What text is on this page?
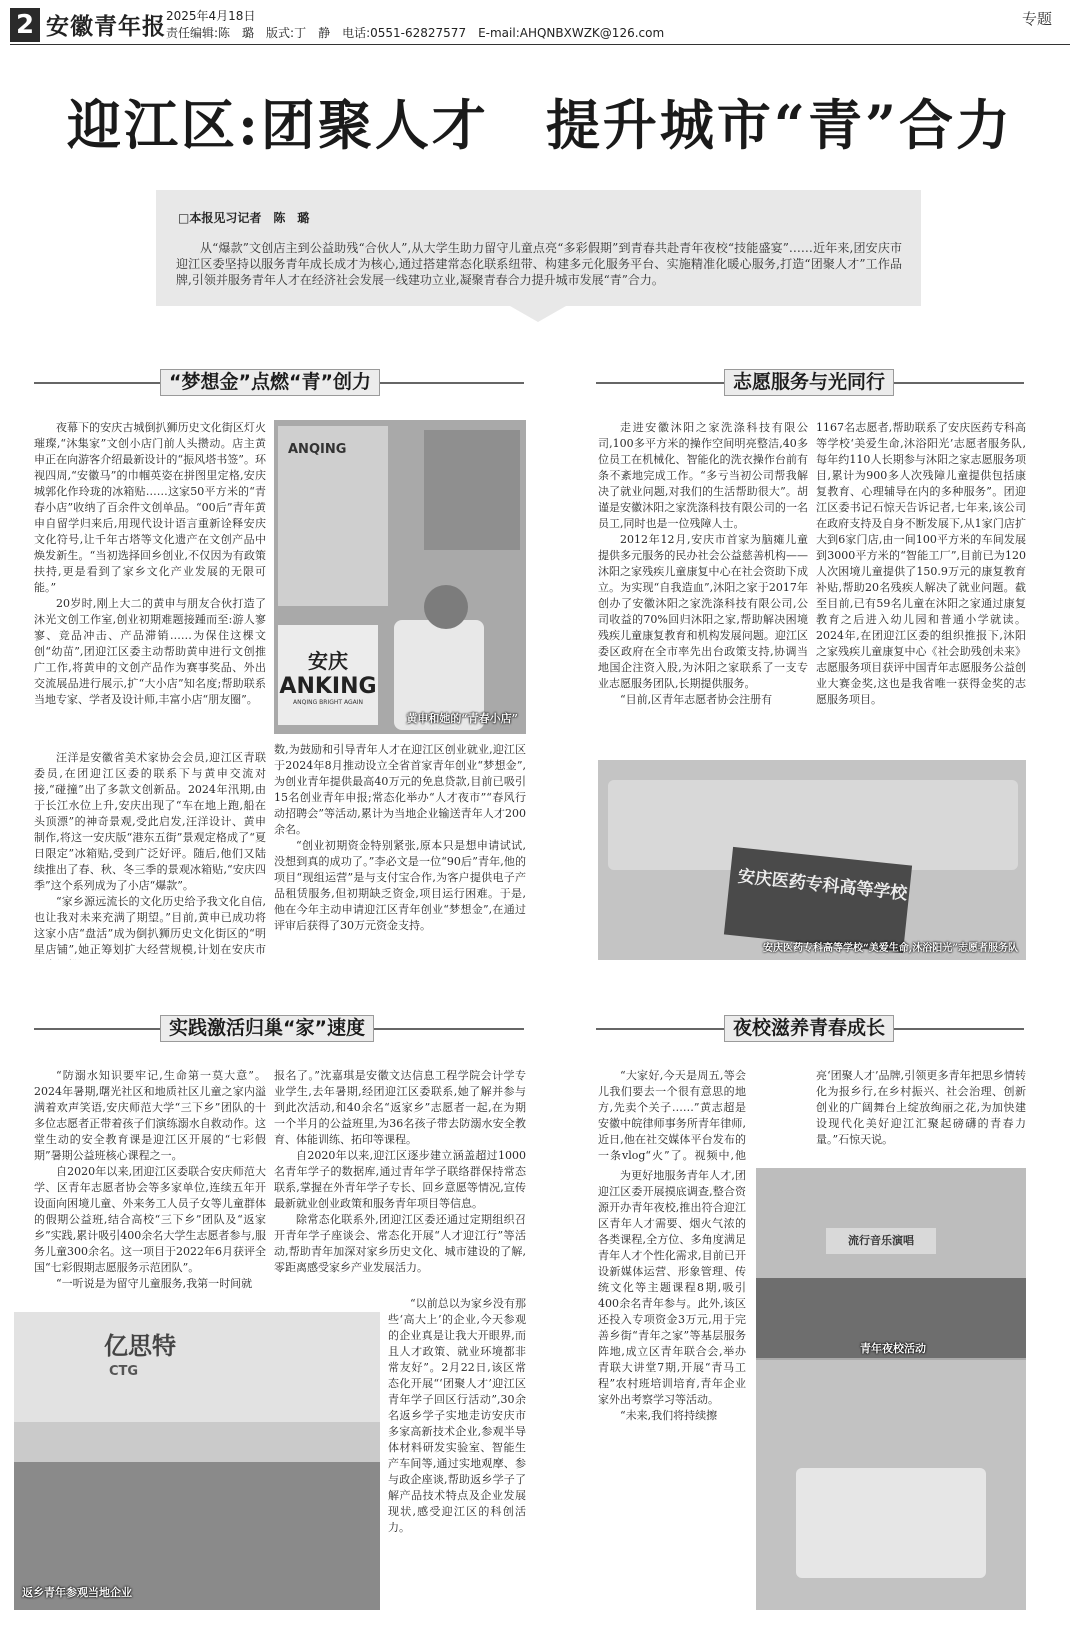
2 安徽青年报 2025年4月18日
责任编辑:陈　璐　版式:丁　静　电话:0551-62827577　E-mail:AHQNBXWZK@126.com
专题
迎江区:团聚人才　提升城市“青”合力
□本报见习记者　陈　璐
从“爆款”文创店主到公益助残“合伙人”,从大学生助力留守儿童点亮“多彩假期”到青春共赴青年夜校“技能盛宴”……近年来,团安庆市迎江区委坚持以服务青年成长成才为核心,通过搭建常态化联系纽带、构建多元化服务平台、实施精准化暖心服务,打造“团聚人才”工作品牌,引领并服务青年人才在经济社会发展一线建功立业,凝聚青春合力提升城市发展“青”合力。
“梦想金”点燃“青”创力

夜幕下的安庆古城倒扒狮历史文化街区灯火璀璨,“沐集家”文创小店门前人头攒动。店主黄申正在向游客介绍最新设计的“振风塔书签”。环视四周,“安徽马”的巾帼英姿在拼图里定格,安庆城郭化作玲珑的冰箱贴……这家50平方米的“青春小店”收纳了百余件文创单品。“00后”青年黄申自留学归来后,用现代设计语言重新诠释安庆文化符号,让千年古塔等文化遗产在文创产品中焕发新生。“当初选择回乡创业,不仅因为有政策扶持,更是看到了家乡文化产业发展的无限可能。”

20岁时,刚上大二的黄申与朋友合伙打造了沐光文创工作室,创业初期难题接踵而至:游人寥寥、竞品冲击、产品滞销……为保住这棵文创“幼苗”,团迎江区委主动帮助黄申进行文创推广工作,将黄申的文创产品作为赛事奖品、外出交流展品进行展示,扩“大小店”知名度;帮助联系当地专家、学者及设计师,丰富小店“朋友圈”。

汪洋是安徽省美术家协会会员,迎江区青联委员,在团迎江区委的联系下与黄申交流对接,“碰撞”出了多款文创新品。2024年汛期,由于长江水位上升,安庆出现了“车在地上跑,船在头顶漂”的神奇景观,受此启发,汪洋设计、黄申制作,将这一安庆版“港东五街”景观定格成了“夏日限定”冰箱贴,受到广泛好评。随后,他们又陆续推出了春、秋、冬三季的景观冰箱贴,“安庆四季”这个系列成为了小店“爆款”。

“家乡源远流长的文化历史给予我文化自信,也让我对未来充满了期望。”目前,黄申已成功将这家小店“盘活”成为倒扒狮历史文化街区的“明星店铺”,她正筹划扩大经营规模,计划在安庆市

数,为鼓励和引导青年人才在迎江区创业就业,迎江区于2024年8月推动设立全省首家青年创业“梦想金”,为创业青年提供最高40万元的免息贷款,目前已吸引15名创业青年申报;常态化举办“人才夜市”“春风行动招聘会”等活动,累计为当地企业输送青年人才200余名。

“创业初期资金特别紧张,原本只是想申请试试,没想到真的成功了。”李必文是一位“90后”青年,他的项目“现组运营”是与支付宝合作,为客户提供电子产品租赁服务,但初期缺乏资金,项目运行困难。于是,他在今年主动申请迎江区青年创业“梦想金”,在通过评审后获得了30万元资金支持。

ANQING
安庆
ANKING
ANQING BRIGHT AGAIN
黄申和她的“青春小店”
志愿服务与光同行

走进安徽沐阳之家洗涤科技有限公司,100多平方米的操作空间明亮整洁,40多位员工在机械化、智能化的洗衣操作台前有条不紊地完成工作。“多亏当初公司帮我解决了就业问题,对我们的生活帮助很大”。胡谨是安徽沐阳之家洗涤科技有限公司的一名员工,同时也是一位残障人士。

2012年12月,安庆市首家为脑瘫儿童提供多元服务的民办社会公益慈善机构——沐阳之家残疾儿童康复中心在社会资助下成立。为实现“自我造血”,沐阳之家于2017年创办了安徽沐阳之家洗涤科技有限公司,公司收益的70%回归沐阳之家,帮助解决困境残疾儿童康复教育和机构发展问题。迎江区委区政府在全市率先出台政策支持,协调当地国企注资入股,为沐阳之家联系了一支专业志愿服务团队,长期提供服务。

“目前,区青年志愿者协会注册有

1167名志愿者,帮助联系了安庆医药专科高等学校‘美爱生命,沐浴阳光’志愿者服务队,每年约110人长期参与沐阳之家志愿服务项目,累计为900多人次残障儿童提供包括康复教育、心理辅导在内的多种服务”。团迎江区委书记石惊天告诉记者,七年来,该公司在政府支持及自身不断发展下,从1家门店扩大到6家门店,由一间100平方米的车间发展到3000平方米的“智能工厂”,目前已为120人次困境儿童提供了150.9万元的康复教育补贴,帮助20名残疾人解决了就业问题。截至目前,已有59名儿童在沐阳之家通过康复教育之后进入幼儿园和普通小学就读。2024年,在团迎江区委的组织推报下,沐阳之家残疾儿童康复中心《社会助残创未来》志愿服务项目获评中国青年志愿服务公益创业大赛金奖,这也是我省唯一获得金奖的志愿服务项目。

安庆医药专科高等学校
安庆医药专科高等学校“美爱生命,沐浴阳光”志愿者服务队
实践激活归巢“家”速度

“防溺水知识要牢记,生命第一莫大意”。2024年暑期,曙光社区和地质社区儿童之家内溢满着欢声笑语,安庆师范大学“三下乡”团队的十多位志愿者正带着孩子们演练溺水自救动作。这堂生动的安全教育课是迎江区开展的“七彩假期”暑期公益班核心课程之一。

自2020年以来,团迎江区委联合安庆师范大学、区青年志愿者协会等多家单位,连续五年开设面向困境儿童、外来务工人员子女等儿童群体的假期公益班,结合高校“三下乡”团队及“返家乡”实践,累计吸引400余名大学生志愿者参与,服务儿童300余名。这一项目于2022年6月获评全国“七彩假期志愿服务示范团队”。

“一听说是为留守儿童服务,我第一时间就

报名了。”沈嘉琪是安徽文达信息工程学院会计学专业学生,去年暑期,经团迎江区委联系,她了解并参与到此次活动,和40余名“返家乡”志愿者一起,在为期一个半月的公益班里,为36名孩子带去防溺水安全教育、体能训练、拓印等课程。

自2020年以来,迎江区逐步建立涵盖超过1000名青年学子的数据库,通过青年学子联络群保持常态联系,掌握在外青年学子专长、回乡意愿等情况,宣传最新就业创业政策和服务青年项目等信息。

除常态化联系外,团迎江区委还通过定期组织召开青年学子座谈会、常态化开展“人才迎江行”等活动,帮助青年加深对家乡历史文化、城市建设的了解,零距离感受家乡产业发展活力。

亿思特
CTG
返乡青年参观当地企业

“以前总以为家乡没有那些‘高大上’的企业,今天参观的企业真是让我大开眼界,而且人才政策、就业环境都非常友好”。2月22日,该区常态化开展“‘团聚人才’迎江区青年学子回区行活动”,30余名返乡学子实地走访安庆市多家高新技术企业,参观半导体材料研发实验室、智能生产车间等,通过实地观摩、参与政企座谈,帮助返乡学子了解产品技术特点及企业发展现状,感受迎江区的科创活力。

夜校滋养青春成长

“大家好,今天是周五,等会儿我们要去一个很有意思的地方,先卖个关子……”黄志超是安徽中皖律师事务所青年律师,近日,他在社交媒体平台发布的一条vlog“火”了。视频中,他

为更好地服务青年人才,团迎江区委开展摸底调查,整合资源开办青年夜校,推出符合迎江区青年人才需要、烟火气浓的各类课程,全方位、多角度满足青年人才个性化需求,目前已开设新媒体运营、形象管理、传统文化等主题课程8期,吸引400余名青年参与。此外,该区还投入专项资金3万元,用于完善乡街“青年之家”等基层服务阵地,成立区青年联合会,举办青联大讲堂7期,开展“青马工程”农村班培训培育,青年企业家外出考察学习等活动。

“未来,我们将持续擦

亮‘团聚人才’品牌,引领更多青年把思乡情转化为报乡行,在乡村振兴、社会治理、创新创业的广阔舞台上绽放绚丽之花,为加快建设现代化美好迎江汇聚起磅礴的青春力量。”石惊天说。

流行音乐演唱
青年夜校活动
